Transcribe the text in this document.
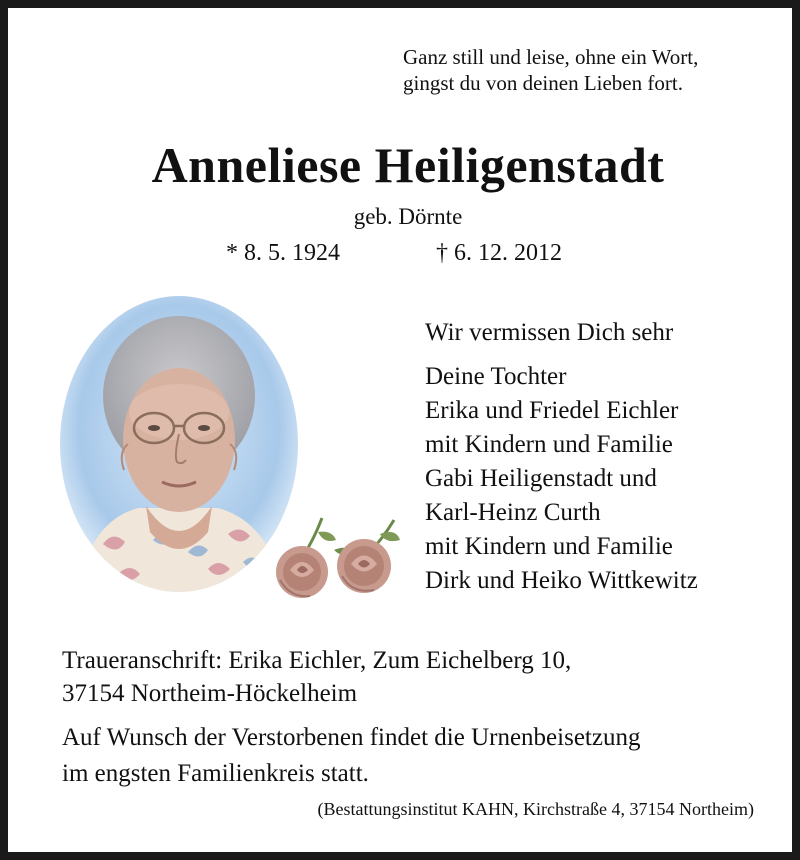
Ganz still und leise, ohne ein Wort,
gingst du von deinen Lieben fort.
Anneliese Heiligenstadt
geb. Dörnte
* 8. 5. 1924	† 6. 12. 2012
Wir vermissen Dich sehr
Deine Tochter
Erika und Friedel Eichler
mit Kindern und Familie
Gabi Heiligenstadt und
Karl-Heinz Curth
mit Kindern und Familie
Dirk und Heiko Wittkewitz
Traueranschrift: Erika Eichler, Zum Eichelberg 10,
37154 Northeim-Höckelheim
Auf Wunsch der Verstorbenen findet die Urnenbeisetzung
im engsten Familienkreis statt.
(Bestattungsinstitut KAHN, Kirchstraße 4, 37154 Northeim)
